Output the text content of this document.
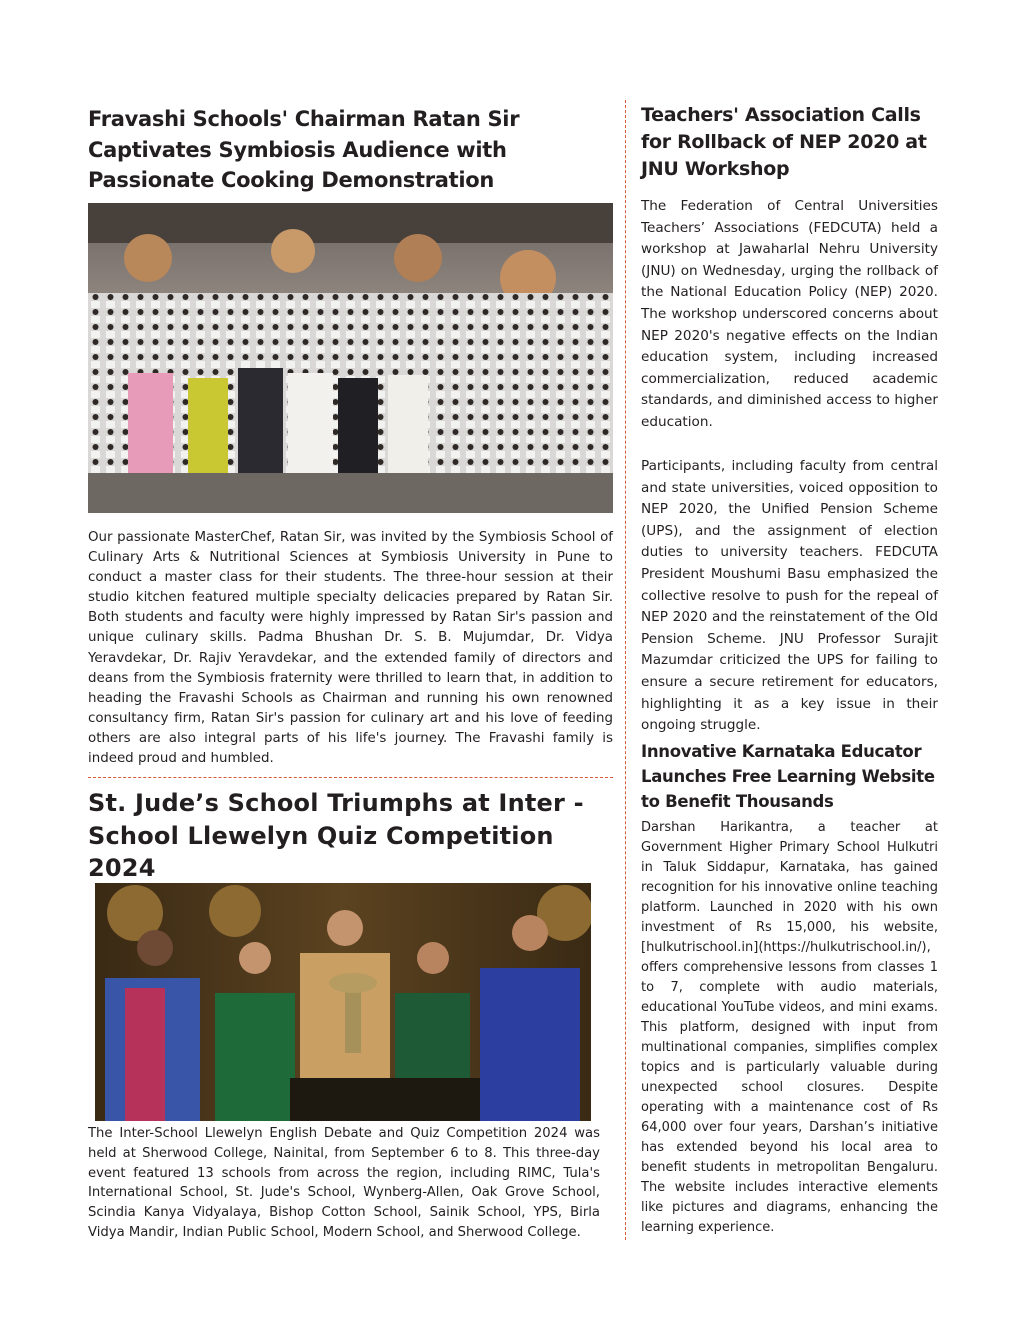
Fravashi Schools' Chairman Ratan Sir Captivates Symbiosis Audience with Passionate Cooking Demonstration

Our passionate MasterChef, Ratan Sir, was invited by the Symbiosis School of Culinary Arts & Nutritional Sciences at Symbiosis University in Pune to conduct a master class for their students. The three-hour session at their studio kitchen featured multiple specialty delicacies prepared by Ratan Sir. Both students and faculty were highly impressed by Ratan Sir's passion and unique culinary skills. Padma Bhushan Dr. S. B. Mujumdar, Dr. Vidya Yeravdekar, Dr. Rajiv Yeravdekar, and the extended family of directors and deans from the Symbiosis fraternity were thrilled to learn that, in addition to heading the Fravashi Schools as Chairman and running his own renowned consultancy firm, Ratan Sir's passion for culinary art and his love of feeding others are also integral parts of his life's journey. The Fravashi family is indeed proud and humbled.

St. Jude’s School Triumphs at Inter -School Llewelyn Quiz Competition 2024

The Inter-School Llewelyn English Debate and Quiz Competition 2024 was held at Sherwood College, Nainital, from September 6 to 8. This three-day event featured 13 schools from across the region, including RIMC, Tula's International School, St. Jude's School, Wynberg-Allen, Oak Grove School, Scindia Kanya Vidyalaya, Bishop Cotton School, Sainik School, YPS, Birla Vidya Mandir, Indian Public School, Modern School, and Sherwood College.

Teachers' Association Calls for Rollback of NEP 2020 at JNU Workshop

The Federation of Central Universities Teachers’ Associations (FEDCUTA) held a workshop at Jawaharlal Nehru University (JNU) on Wednesday, urging the rollback of the National Education Policy (NEP) 2020. The workshop underscored concerns about NEP 2020's negative effects on the Indian education system, including increased commercialization, reduced academic standards, and diminished access to higher education.

Participants, including faculty from central and state universities, voiced opposition to NEP 2020, the Unified Pension Scheme (UPS), and the assignment of election duties to university teachers. FEDCUTA President Moushumi Basu emphasized the collective resolve to push for the repeal of NEP 2020 and the reinstatement of the Old Pension Scheme. JNU Professor Surajit Mazumdar criticized the UPS for failing to ensure a secure retirement for educators, highlighting it as a key issue in their ongoing struggle.

Innovative Karnataka Educator Launches Free Learning Website to Benefit Thousands

Darshan Harikantra, a teacher at Government Higher Primary School Hulkutri in Taluk Siddapur, Karnataka, has gained recognition for his innovative online teaching platform. Launched in 2020 with his own investment of Rs 15,000, his website, [hulkutrischool.in](https://hulkutrischool.in/), offers comprehensive lessons from classes 1 to 7, complete with audio materials, educational YouTube videos, and mini exams. This platform, designed with input from multinational companies, simplifies complex topics and is particularly valuable during unexpected school closures. Despite operating with a maintenance cost of Rs 64,000 over four years, Darshan’s initiative has extended beyond his local area to benefit students in metropolitan Bengaluru. The website includes interactive elements like pictures and diagrams, enhancing the learning experience.
